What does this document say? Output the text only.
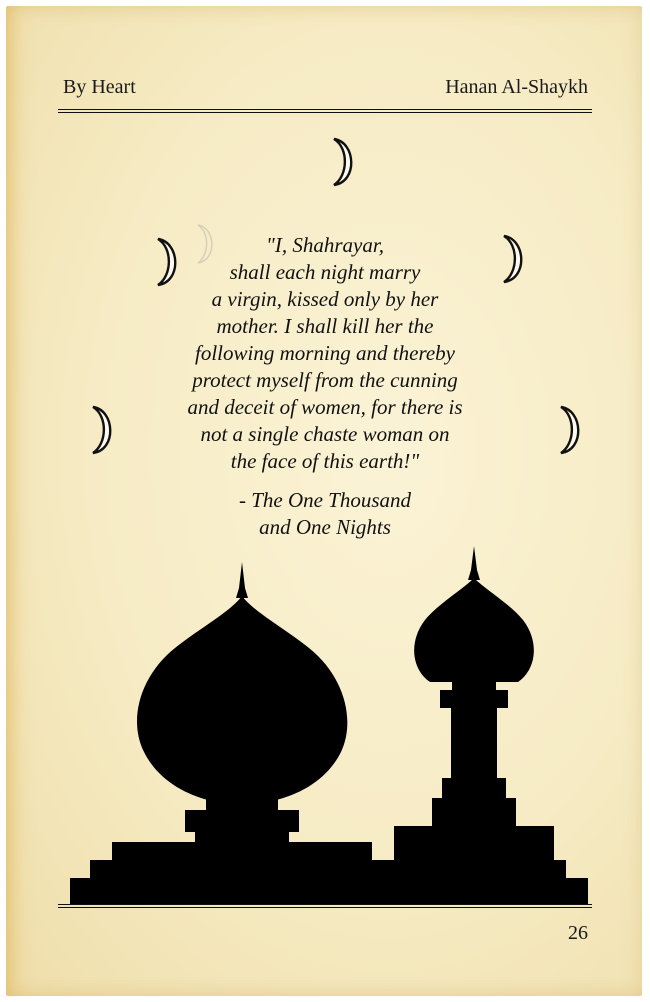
By Heart	Hanan Al-Shaykh
"I, Shahrayar,
shall each night marry
a virgin, kissed only by her
mother. I shall kill her the
following morning and thereby
protect myself from the cunning
and deceit of women, for there is
not a single chaste woman on
the face of this earth!"
- The One Thousand
and One Nights
26
